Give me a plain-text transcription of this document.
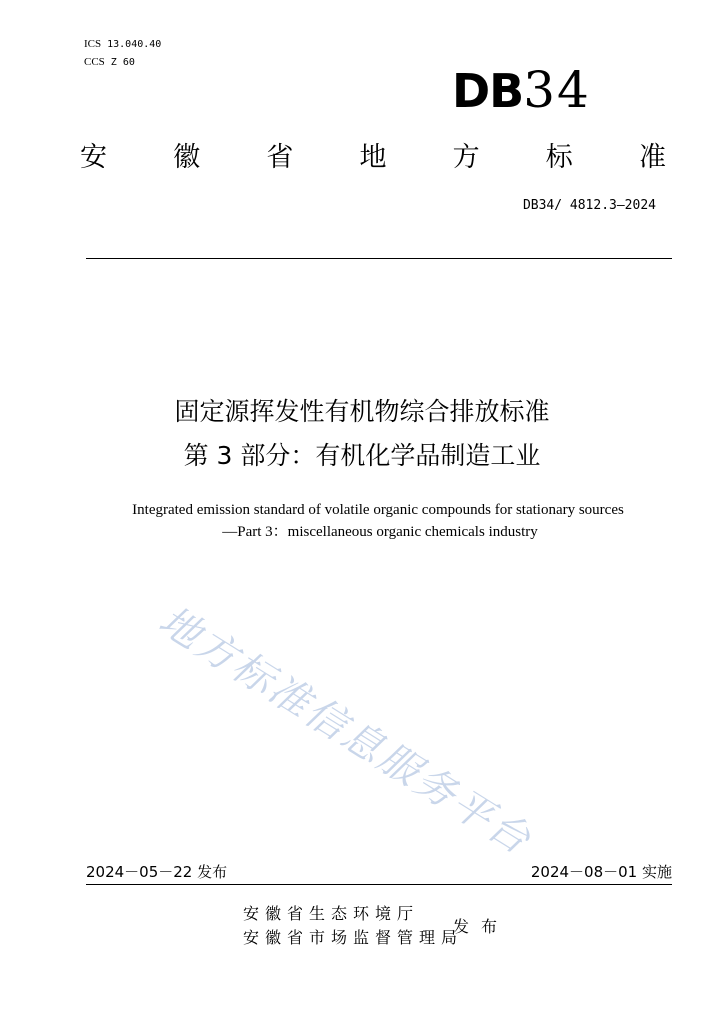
ICS 13.040.40
CCS Z 60
DB34
安 徽 省 地 方 标 准
DB34/ 4812.3—2024
固定源挥发性有机物综合排放标准
第 3 部分：有机化学品制造工业
Integrated emission standard of volatile organic compounds for stationary sources
—Part 3：miscellaneous organic chemicals industry
地方标准信息服务平台
2024－05－22 发布	2024－08－01 实施
安徽省生态环境厅
安徽省市场监督管理局
发布
